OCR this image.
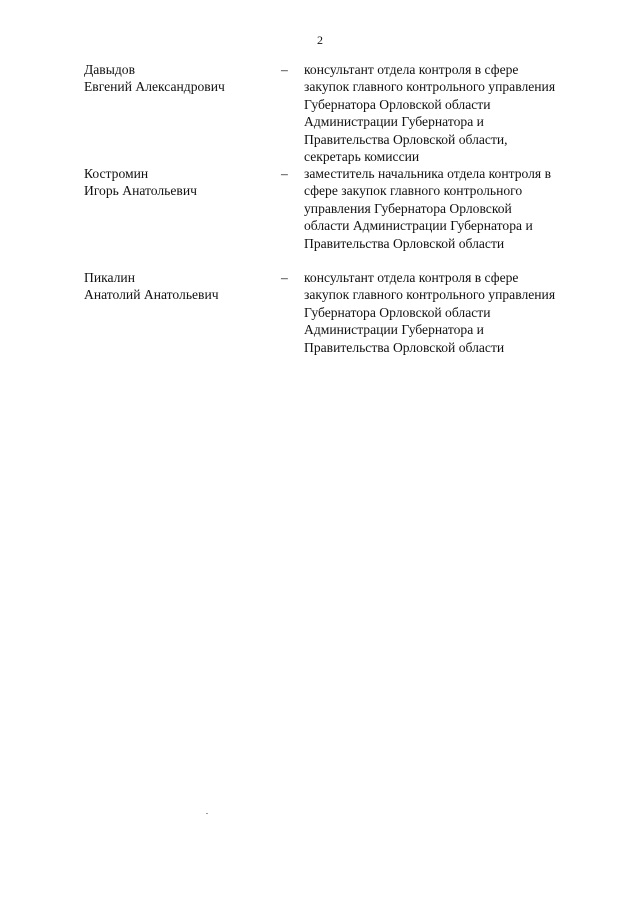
2
Давыдов
Евгений Александрович
– консультант отдела контроля в сфере
закупок главного контрольного управления
Губернатора Орловской области
Администрации Губернатора и
Правительства Орловской области,
секретарь комиссии
Костромин
Игорь Анатольевич
– заместитель начальника отдела контроля в
сфере закупок главного контрольного
управления Губернатора Орловской
области Администрации Губернатора и
Правительства Орловской области
Пикалин
Анатолий Анатольевич
– консультант отдела контроля в сфере
закупок главного контрольного управления
Губернатора Орловской области
Администрации Губернатора и
Правительства Орловской области
